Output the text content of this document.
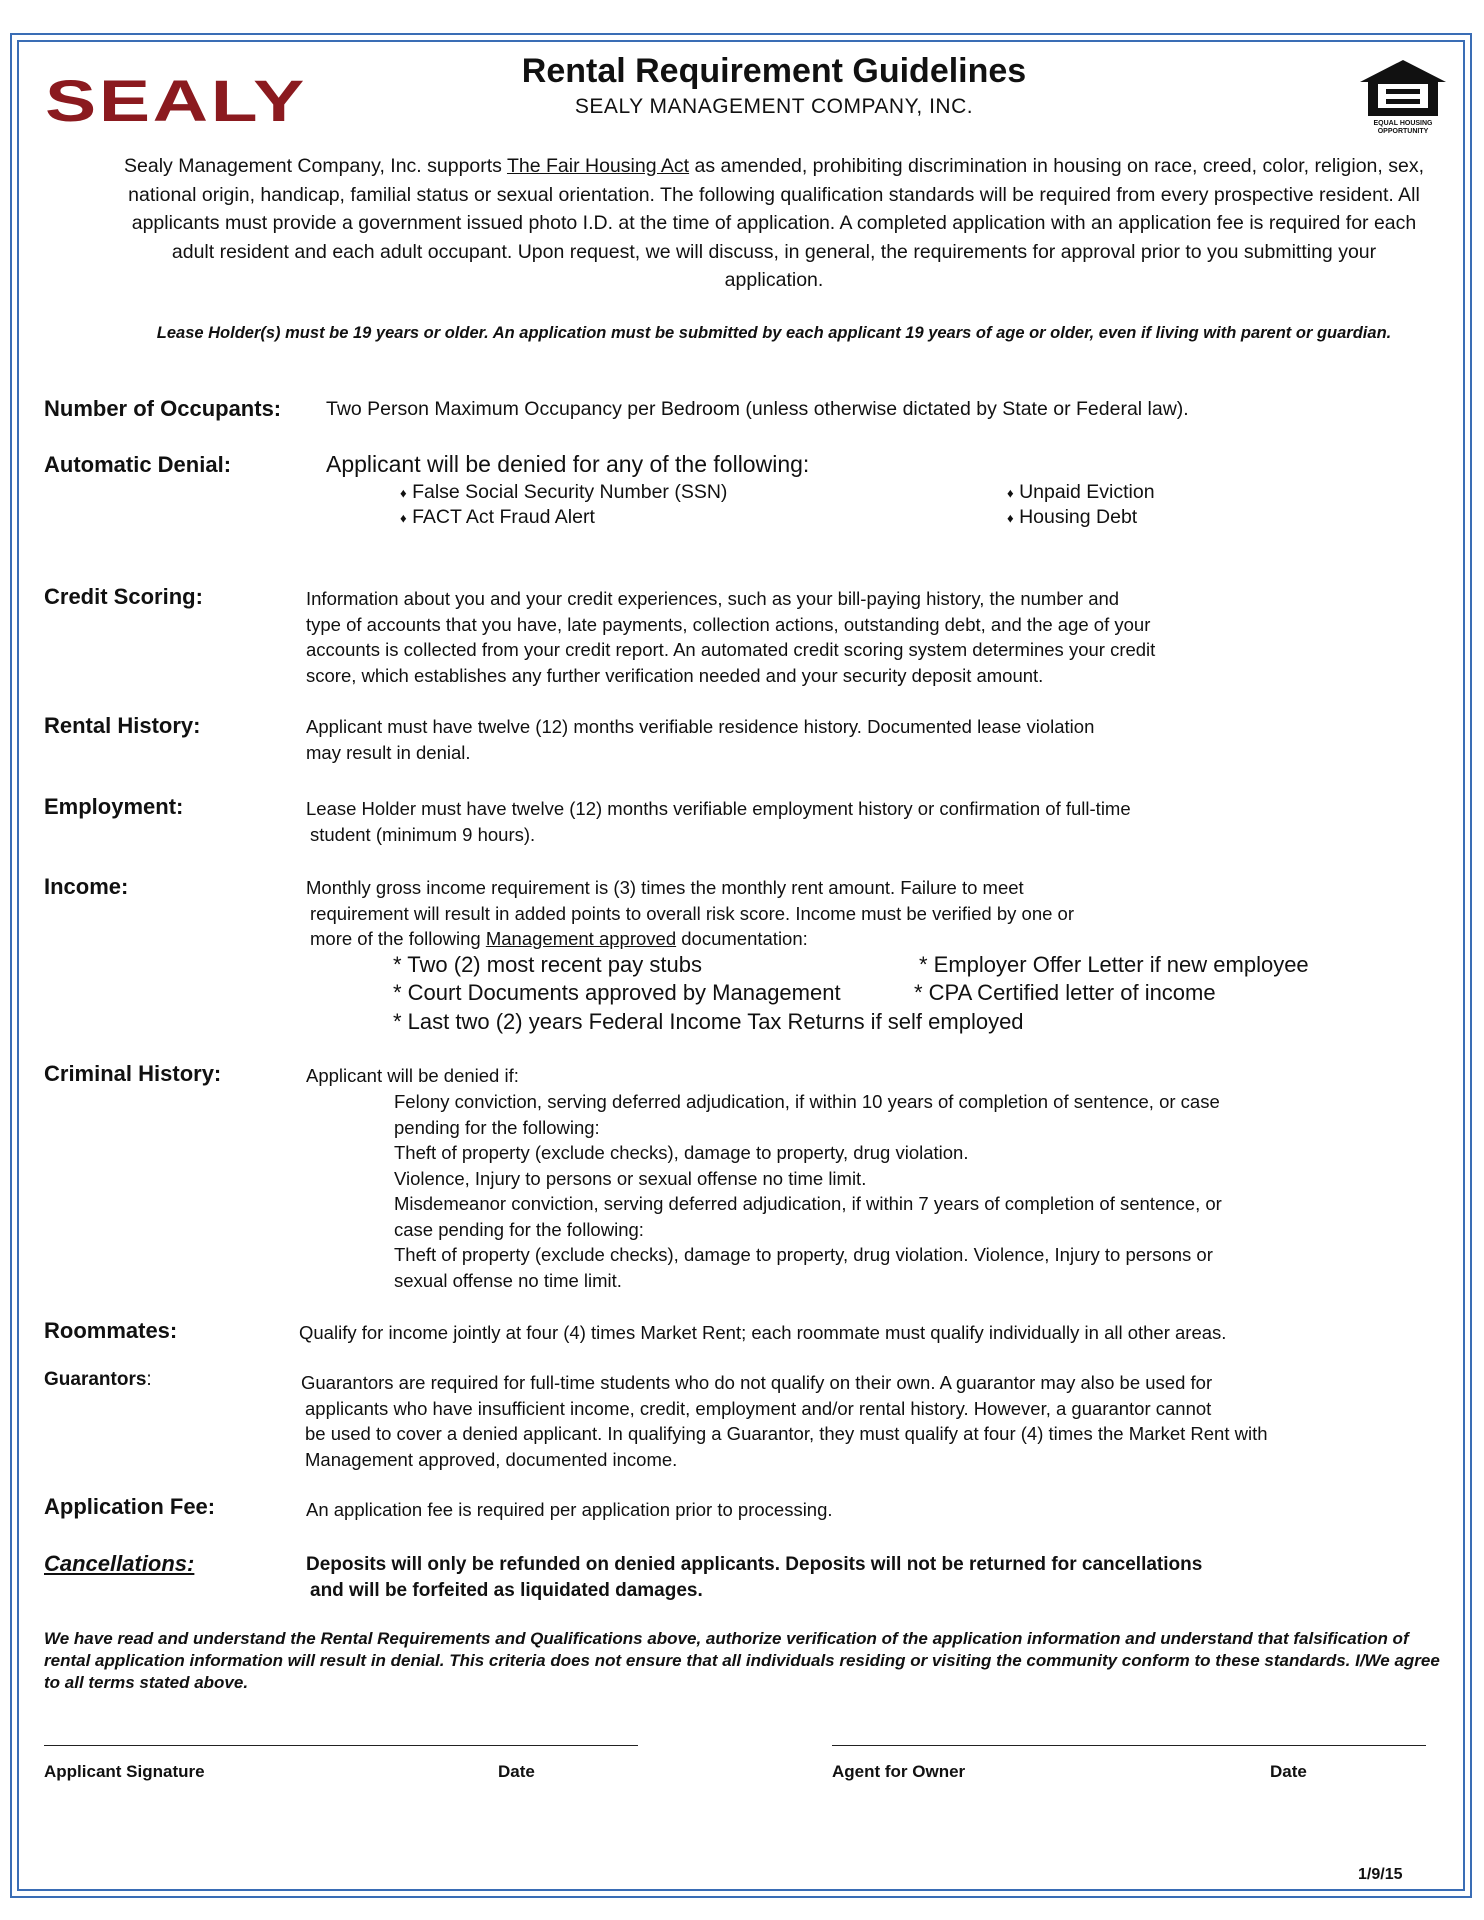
SEALY	Rental Requirement Guidelines
SEALY MANAGEMENT COMPANY, INC.
EQUAL HOUSING
OPPORTUNITY
Sealy Management Company, Inc. supports The Fair Housing Act as amended, prohibiting discrimination in housing on race, creed, color, religion, sex, national origin, handicap, familial status or sexual orientation. The following qualification standards will be required from every prospective resident. All applicants must provide a government issued photo I.D. at the time of application. A completed application with an application fee is required for each adult resident and each adult occupant. Upon request, we will discuss, in general, the requirements for approval prior to you submitting your application.
Lease Holder(s) must be 19 years or older. An application must be submitted by each applicant 19 years of age or older, even if living with parent or guardian.
Number of Occupants: Two Person Maximum Occupancy per Bedroom (unless otherwise dictated by State or Federal law).
Automatic Denial:	Applicant will be denied for any of the following:
♦ False Social Security Number (SSN)
♦ FACT Act Fraud Alert
♦ Unpaid Eviction
♦ Housing Debt
Credit Scoring:	Information about you and your credit experiences, such as your bill-paying history, the number and
type of accounts that you have, late payments, collection actions, outstanding debt, and the age of your
accounts is collected from your credit report. An automated credit scoring system determines your credit
score, which establishes any further verification needed and your security deposit amount.
Rental History:	Applicant must have twelve (12) months verifiable residence history. Documented lease violation
may result in denial.
Employment:	Lease Holder must have twelve (12) months verifiable employment history or confirmation of full-time
student (minimum 9 hours).
Income:	Monthly gross income requirement is (3) times the monthly rent amount. Failure to meet
requirement will result in added points to overall risk score. Income must be verified by one or
more of the following Management approved documentation:
* Two (2) most recent pay stubs	* Employer Offer Letter if new employee
* Court Documents approved by Management	* CPA Certified letter of income
* Last two (2) years Federal Income Tax Returns if self employed
Criminal History:	Applicant will be denied if:
Felony conviction, serving deferred adjudication, if within 10 years of completion of sentence, or case
pending for the following:
Theft of property (exclude checks), damage to property, drug violation.
Violence, Injury to persons or sexual offense no time limit.
Misdemeanor conviction, serving deferred adjudication, if within 7 years of completion of sentence, or
case pending for the following:
Theft of property (exclude checks), damage to property, drug violation. Violence, Injury to persons or
sexual offense no time limit.
Roommates:	Qualify for income jointly at four (4) times Market Rent; each roommate must qualify individually in all other areas.
Guarantors:	Guarantors are required for full-time students who do not qualify on their own. A guarantor may also be used for
applicants who have insufficient income, credit, employment and/or rental history. However, a guarantor cannot
be used to cover a denied applicant. In qualifying a Guarantor, they must qualify at four (4) times the Market Rent with
Management approved, documented income.
Application Fee:	An application fee is required per application prior to processing.
Cancellations:	Deposits will only be refunded on denied applicants. Deposits will not be returned for cancellations
and will be forfeited as liquidated damages.
We have read and understand the Rental Requirements and Qualifications above, authorize verification of the application information and understand that falsification of rental application information will result in denial. This criteria does not ensure that all individuals residing or visiting the community conform to these standards. I/We agree to all terms stated above.
Applicant Signature	Date	Agent for Owner	Date
1/9/15
